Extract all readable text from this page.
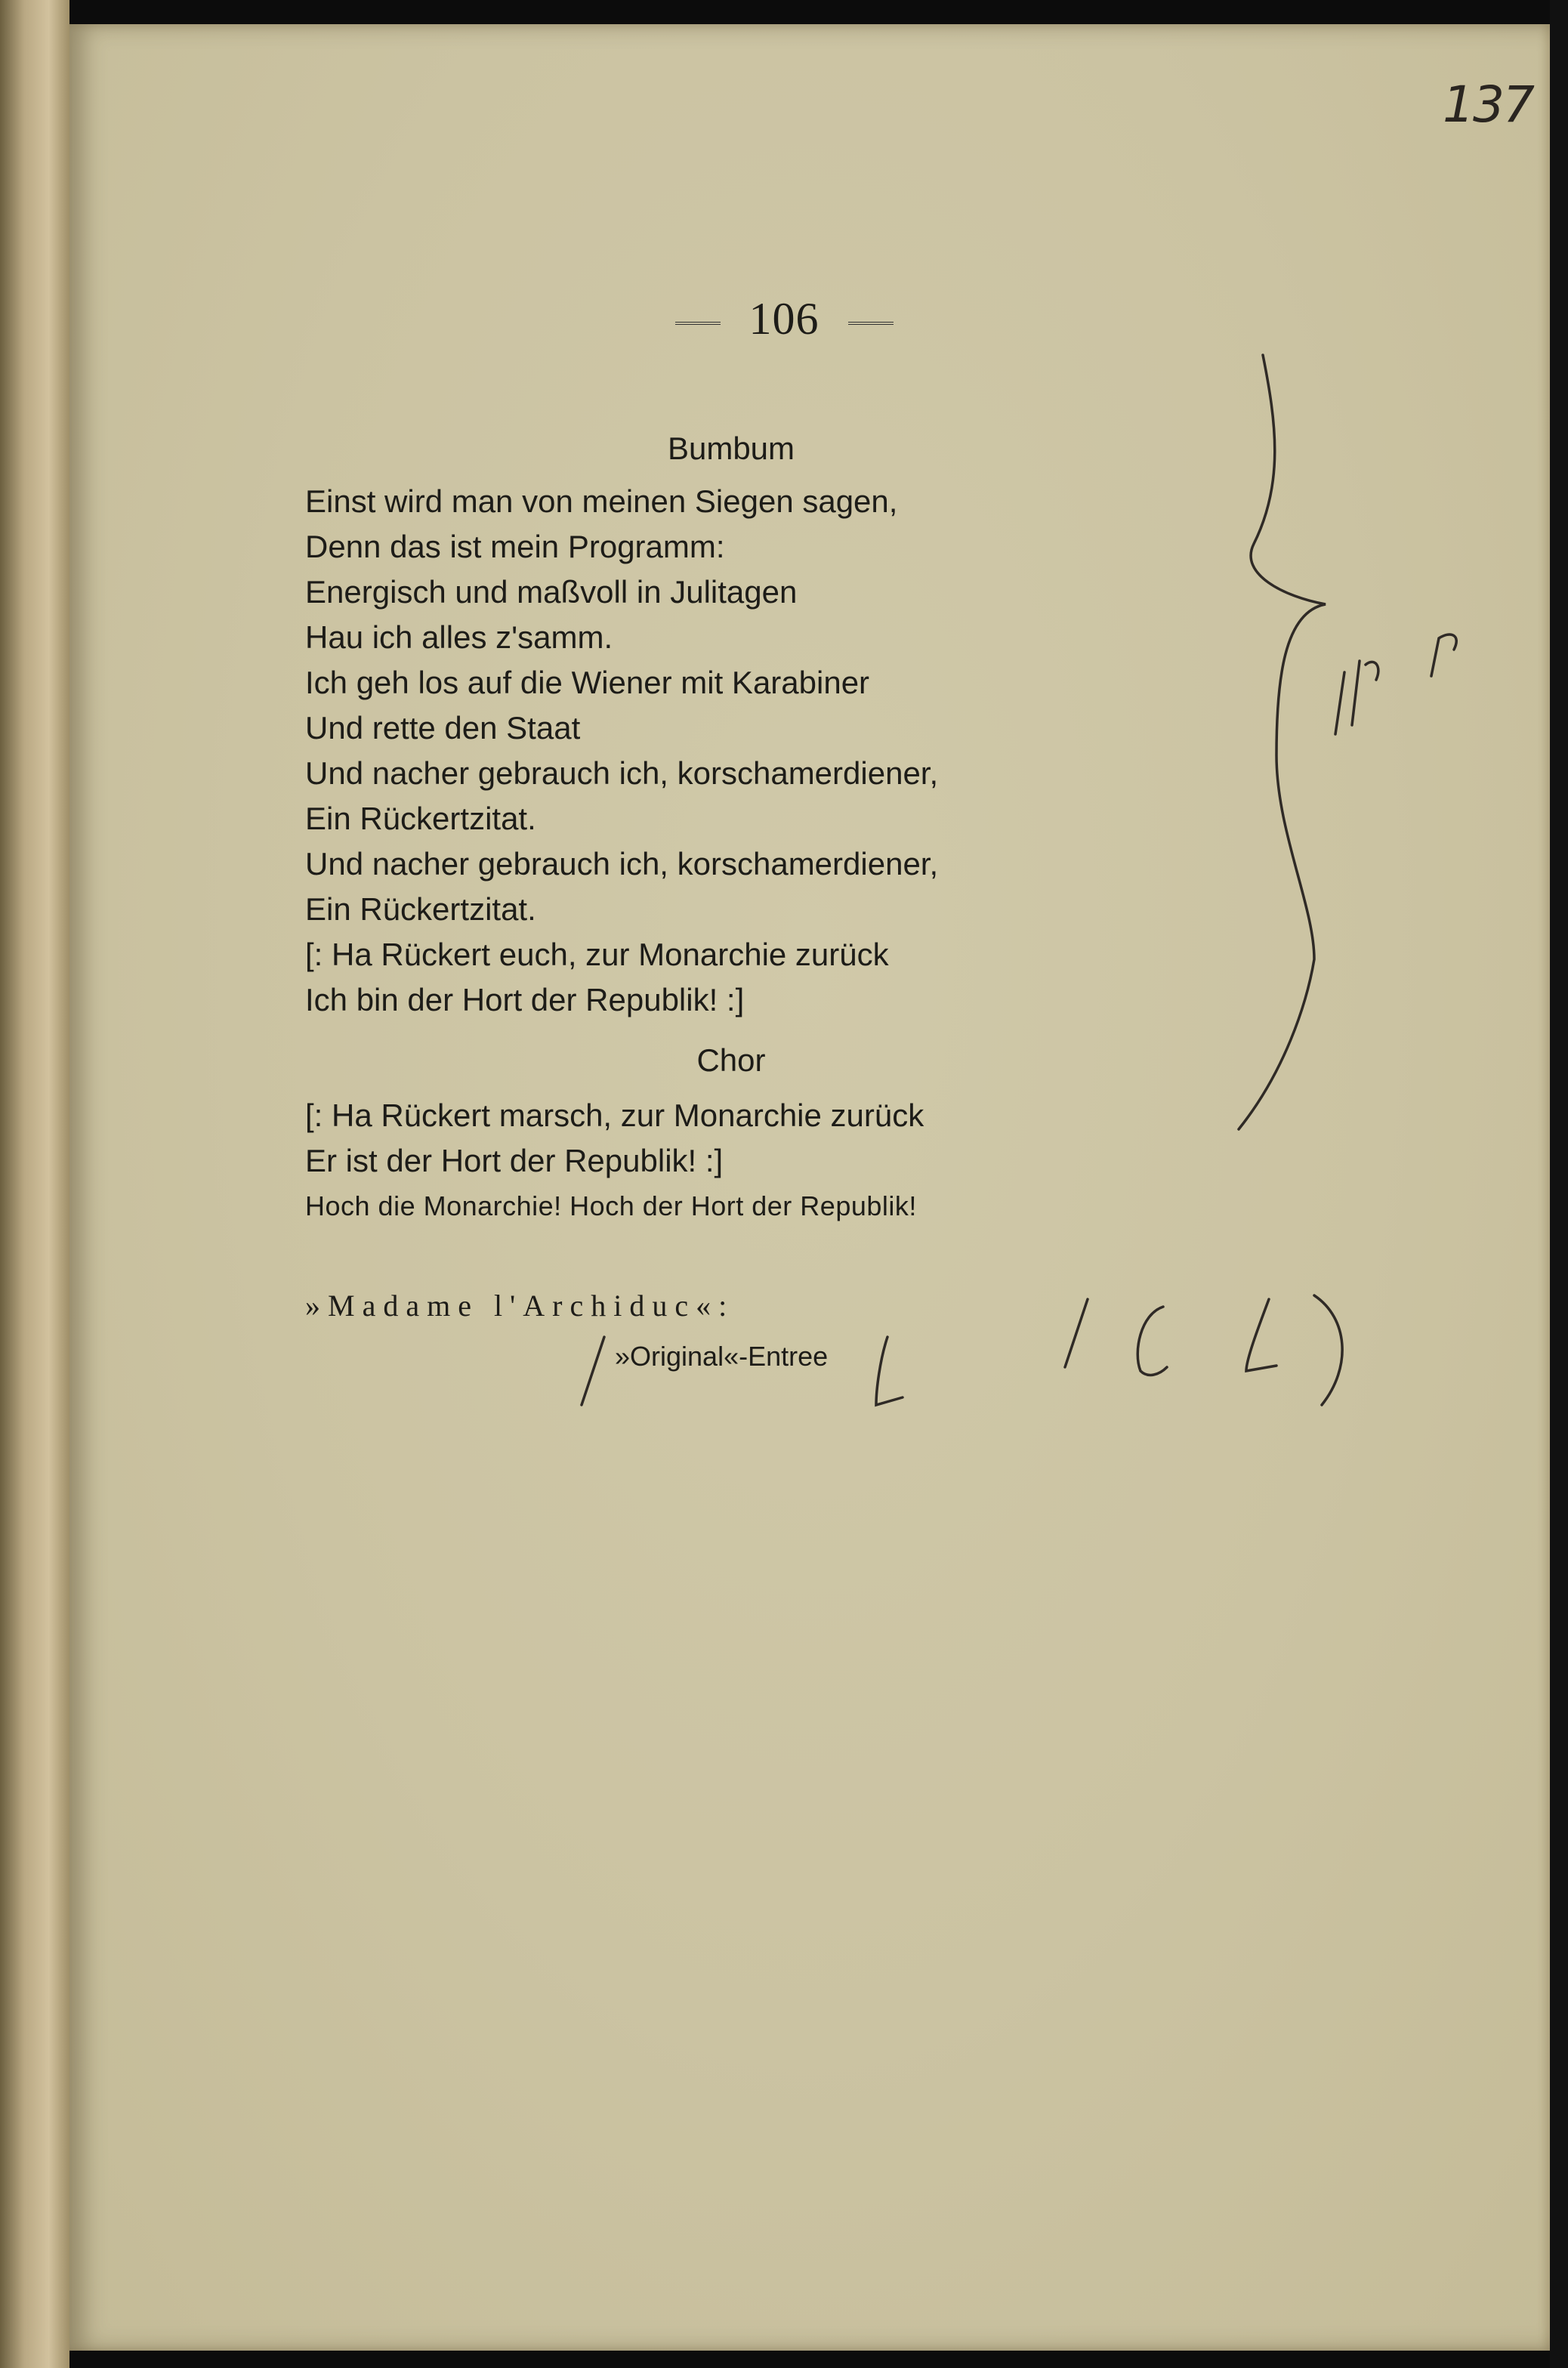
137
106
Bumbum
Einst wird man von meinen Siegen sagen,
Denn das ist mein Programm:
Energisch und maßvoll in Julitagen
Hau ich alles z'samm.
Ich geh los auf die Wiener mit Karabiner
Und rette den Staat
Und nacher gebrauch ich, korschamerdiener,
Ein Rückertzitat.
Und nacher gebrauch ich, korschamerdiener,
Ein Rückertzitat.
[: Ha Rückert euch, zur Monarchie zurück
Ich bin der Hort der Republik! :]
Chor
[: Ha Rückert marsch, zur Monarchie zurück
Er ist der Hort der Republik! :]
Hoch die Monarchie! Hoch der Hort der Republik!
»Madame l'Archiduc«:
»Original«-Entree
